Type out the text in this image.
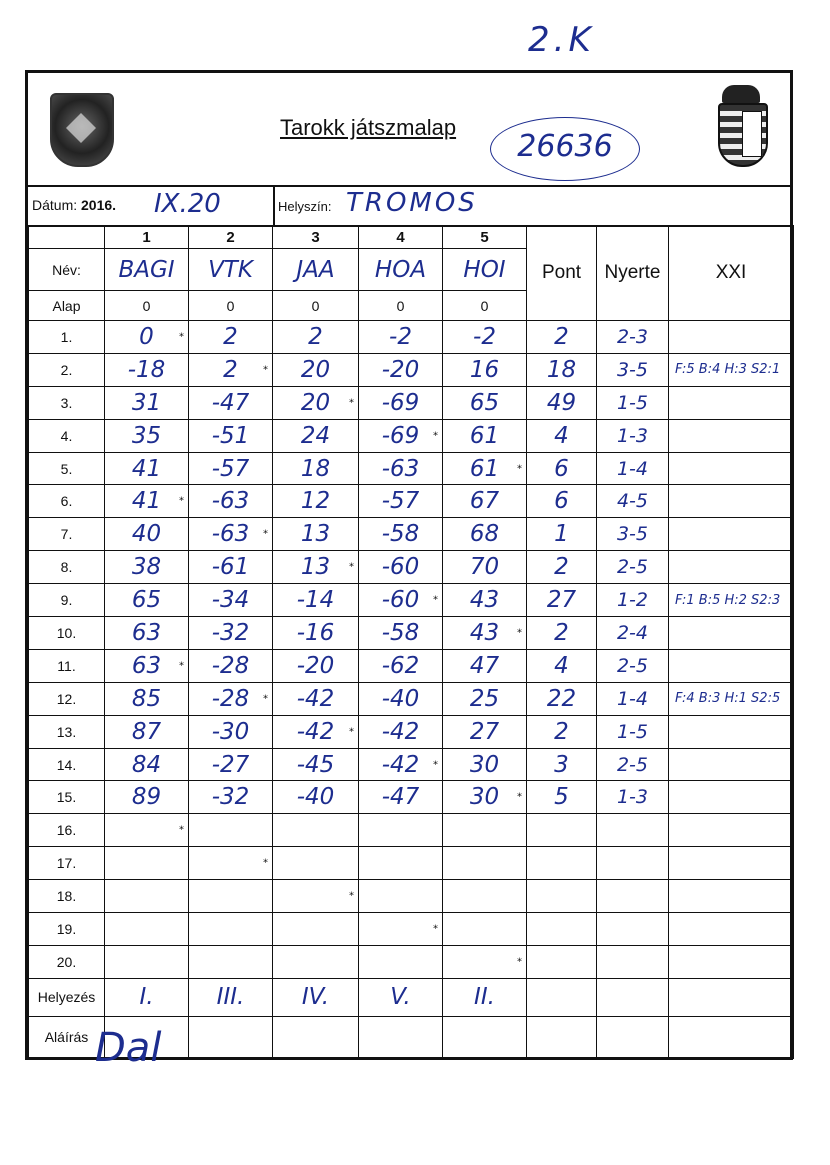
2.K
Tarokk játszmalap
26636
Dátum: 2016. IX.20	Helyszín: TROMOS
	1	2	3	4	5	Pont	Nyerte	XXI
Név:	BAGI	VTK	JAA	HOA	HOI			
Alap	0	0	0	0	0			
1.	0 *	2	2	-2	-2	2	2-3	
2.	-18	2 *	20	-20	16	18	3-5	F:5 B:4 H:3 S2:1
3.	31	-47	20 *	-69	65	49	1-5	
4.	35	-51	24	-69 *	61	4	1-3	
5.	41	-57	18	-63	61 *	6	1-4	
6.	41 *	-63	12	-57	67	6	4-5	
7.	40	-63 *	13	-58	68	1	3-5	
8.	38	-61	13 *	-60	70	2	2-5	
9.	65	-34	-14	-60 *	43	27	1-2	F:1 B:5 H:2 S2:3
10.	63	-32	-16	-58	43 *	2	2-4	
11.	63 *	-28	-20	-62	47	4	2-5	
12.	85	-28 *	-42	-40	25	22	1-4	F:4 B:3 H:1 S2:5
13.	87	-30	-42 *	-42	27	2	1-5	
14.	84	-27	-45	-42 *	30	3	2-5	
15.	89	-32	-40	-47	30 *	5	1-3	
16.	*							

17.		*						

18.			*					

19.				*				

20.					*			

Helyezés	I.	III.	IV.	V.	II.			
Aláírás Dal								
